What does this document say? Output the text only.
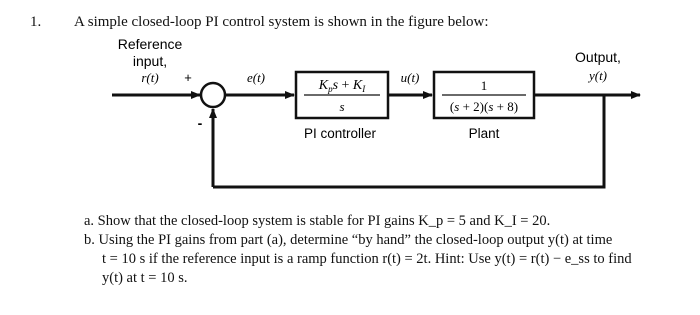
1. A simple closed-loop PI control system is shown in the figure below:
Reference
input,
r(t) +
-
e(t)
$K_ps + K_I$
s
PI controller
u(t)
1
(s + 2)(s + 8)
Plant
Output,
y(t)

a. Show that the closed-loop system is stable for PI gains K_p = 5 and K_I = 20.

b. Using the PI gains from part (a), determine “by hand” the closed-loop output y(t) at time

t = 10 s if the reference input is a ramp function r(t) = 2t. Hint: Use y(t) = r(t) − e_ss to find

y(t) at t = 10 s.
